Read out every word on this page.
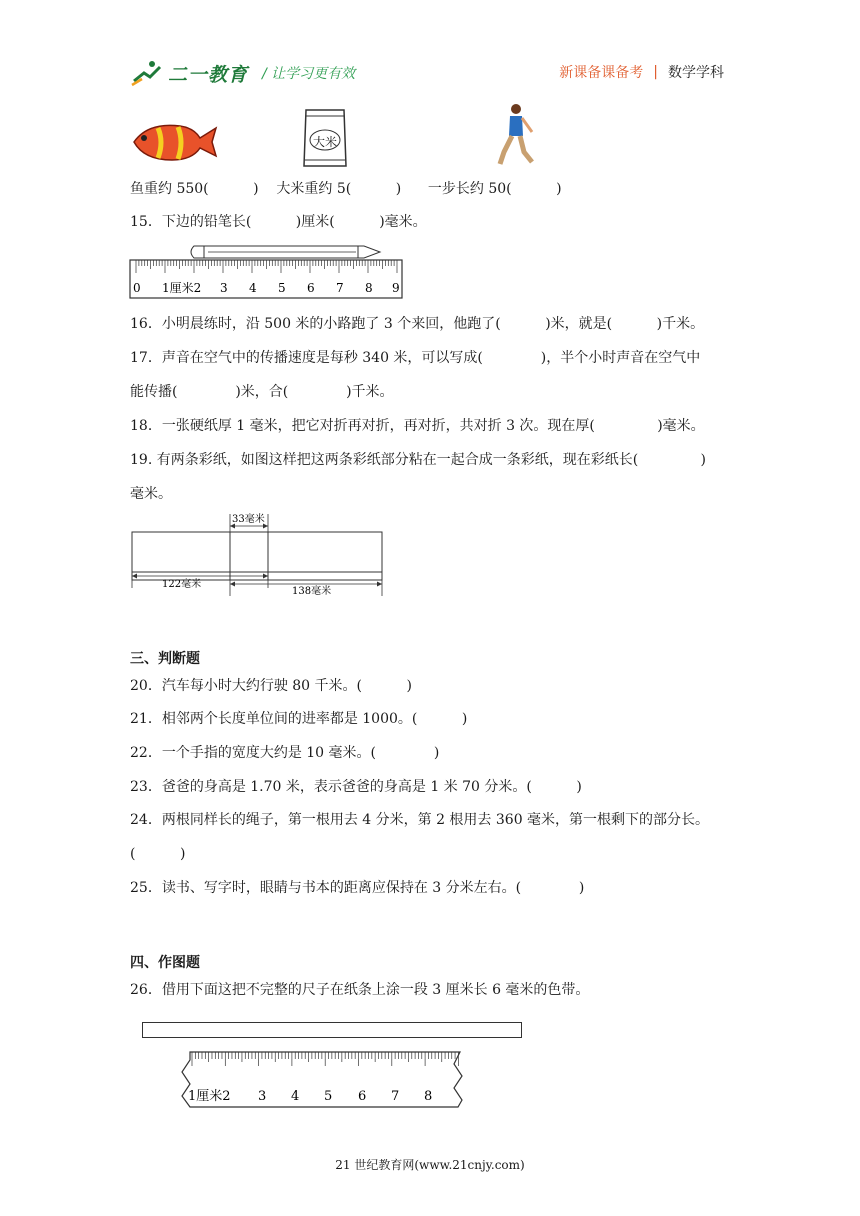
二一教育 / 让学习更有效	新课备课备考 | 数学学科
大米
鱼重约 550(          )    大米重约 5(          )      一步长约 50(          )
15．下边的铅笔长(          )厘米(          )毫米。
0 1厘米2 3 4 5 6 7 8 9
16．小明晨练时，沿 500 米的小路跑了 3 个来回，他跑了(          )米，就是(          )千米。
17．声音在空气中的传播速度是每秒 340 米，可以写成(             )，半个小时声音在空气中
能传播(             )米，合(             )千米。
18．一张硬纸厚 1 毫米，把它对折再对折，再对折，共对折 3 次。现在厚(              )毫米。
19. 有两条彩纸，如图这样把这两条彩纸部分粘在一起合成一条彩纸，现在彩纸长(              )
毫米。
33毫米
122毫米
138毫米
三、判断题
20．汽车每小时大约行驶 80 千米。(          )
21．相邻两个长度单位间的进率都是 1000。(          )
22．一个手指的宽度大约是 10 毫米。(             )
23．爸爸的身高是 1.70 米，表示爸爸的身高是 1 米 70 分米。(          )
24．两根同样长的绳子，第一根用去 4 分米，第 2 根用去 360 毫米，第一根剩下的部分长。
(          )
25．读书、写字时，眼睛与书本的距离应保持在 3 分米左右。(             )
四、作图题
26．借用下面这把不完整的尺子在纸条上涂一段 3 厘米长 6 毫米的色带。
1厘米2 3 4 5 6 7 8
21 世纪教育网(www.21cnjy.com)
